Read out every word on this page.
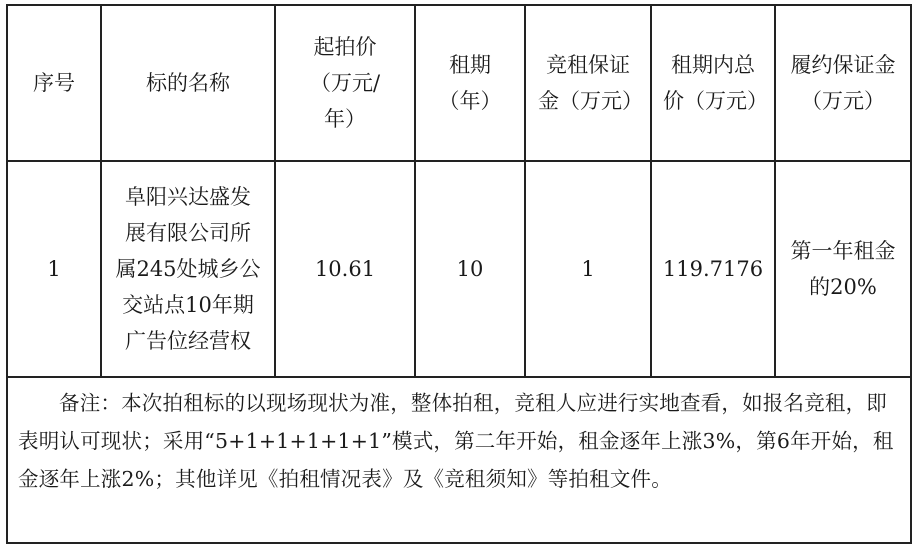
序号	标的名称	起拍价（万元/年）	租期（年）	竞租保证金（万元）	租期内总价（万元）	履约保证金（万元）

1	阜阳兴达盛发展有限公司所属245处城乡公交站点10年期广告位经营权	10.61	10	1	119.7176	第一年租金的20%

备注：本次拍租标的以现场现状为准，整体拍租，竞租人应进行实地查看，如报名竞租，即表明认可现状；采用“5+1+1+1+1+1”模式，第二年开始，租金逐年上涨3%，第6年开始，租金逐年上涨2%；其他详见《拍租情况表》及《竞租须知》等拍租文件。						
